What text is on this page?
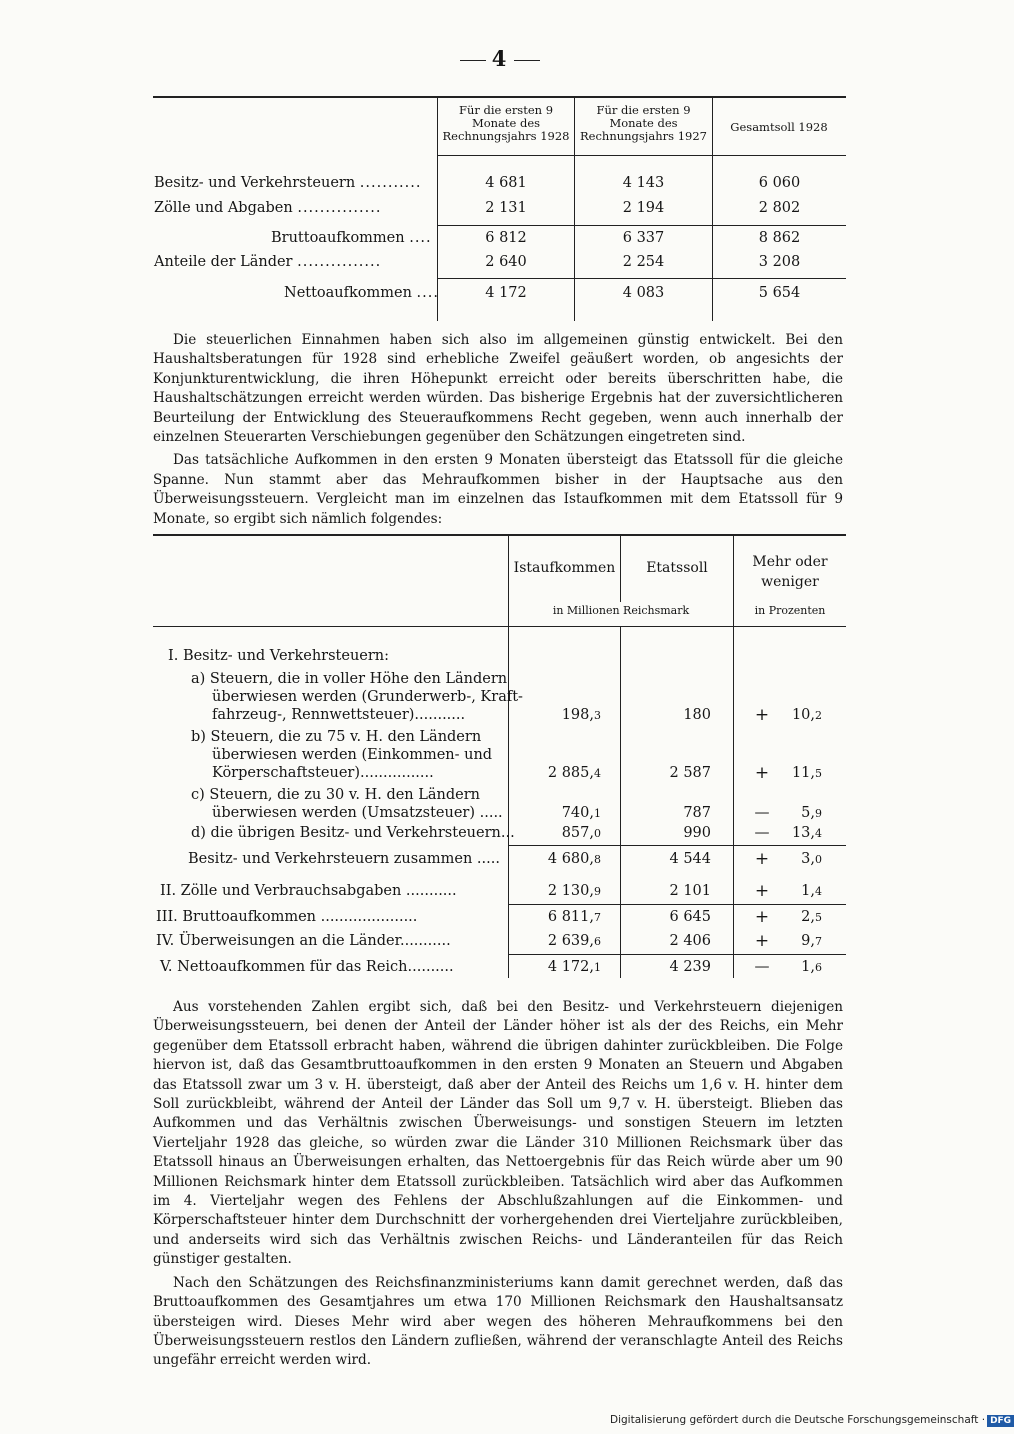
4
Für die ersten 9 Monate des Rechnungsjahrs 1928
Für die ersten 9 Monate des Rechnungsjahrs 1927
Gesamtsoll 1928
Besitz- und Verkehrsteuern ...........	4 681	4 143	6 060
Zölle und Abgaben ...............	2 131	2 194	2 802
Bruttoaufkommen ....	6 812	6 337	8 862
Anteile der Länder ...............	2 640	2 254	3 208
Nettoaufkommen ....	4 172	4 083	5 654

Die steuerlichen Einnahmen haben sich also im allgemeinen günstig entwickelt. Bei den Haushaltsberatungen für 1928 sind erhebliche Zweifel geäußert worden, ob angesichts der Konjunkturentwicklung, die ihren Höhepunkt erreicht oder bereits überschritten habe, die Haushaltschätzungen erreicht werden würden. Das bisherige Ergebnis hat der zuversichtlicheren Beurteilung der Entwicklung des Steueraufkommens Recht gegeben, wenn auch innerhalb der einzelnen Steuerarten Verschiebungen gegenüber den Schätzungen eingetreten sind.

Das tatsächliche Aufkommen in den ersten 9 Monaten übersteigt das Etatssoll für die gleiche Spanne. Nun stammt aber das Mehraufkommen bisher in der Hauptsache aus den Überweisungssteuern. Vergleicht man im einzelnen das Istaufkommen mit dem Etatssoll für 9 Monate, so ergibt sich nämlich folgendes:

Istaufkommen	Etatssoll	Mehr oder weniger
in Millionen Reichsmark	in Prozenten
I. Besitz- und Verkehrsteuern:
a) Steuern, die in voller Höhe den Ländern
überwiesen werden (Grunderwerb-, Kraft-
fahrzeug-, Rennwettsteuer)...........	198,3	180	+	10,2
b) Steuern, die zu 75 v. H. den Ländern
überwiesen werden (Einkommen- und
Körperschaftsteuer)................	2 885,4	2 587	+	11,5
c) Steuern, die zu 30 v. H. den Ländern
überwiesen werden (Umsatzsteuer) .....	740,1	787	—	5,9
d) die übrigen Besitz- und Verkehrsteuern...	857,0	990	—	13,4
Besitz- und Verkehrsteuern zusammen .....	4 680,8	4 544	+	3,0
II. Zölle und Verbrauchsabgaben ...........	2 130,9	2 101	+	1,4
III. Bruttoaufkommen .....................	6 811,7	6 645	+	2,5
IV. Überweisungen an die Länder...........	2 639,6	2 406	+	9,7
V. Nettoaufkommen für das Reich..........	4 172,1	4 239	—	1,6

Aus vorstehenden Zahlen ergibt sich, daß bei den Besitz- und Verkehrsteuern diejenigen Überweisungssteuern, bei denen der Anteil der Länder höher ist als der des Reichs, ein Mehr gegenüber dem Etatssoll erbracht haben, während die übrigen dahinter zurückbleiben. Die Folge hiervon ist, daß das Gesamtbruttoaufkommen in den ersten 9 Monaten an Steuern und Abgaben das Etatssoll zwar um 3 v. H. übersteigt, daß aber der Anteil des Reichs um 1,6 v. H. hinter dem Soll zurückbleibt, während der Anteil der Länder das Soll um 9,7 v. H. übersteigt. Blieben das Aufkommen und das Verhältnis zwischen Überweisungs- und sonstigen Steuern im letzten Vierteljahr 1928 das gleiche, so würden zwar die Länder 310 Millionen Reichsmark über das Etatssoll hinaus an Überweisungen erhalten, das Nettoergebnis für das Reich würde aber um 90 Millionen Reichsmark hinter dem Etatssoll zurückbleiben. Tatsächlich wird aber das Aufkommen im 4. Vierteljahr wegen des Fehlens der Abschlußzahlungen auf die Einkommen- und Körperschaftsteuer hinter dem Durchschnitt der vorhergehenden drei Vierteljahre zurückbleiben, und anderseits wird sich das Verhältnis zwischen Reichs- und Länderanteilen für das Reich günstiger gestalten.

Nach den Schätzungen des Reichsfinanzministeriums kann damit gerechnet werden, daß das Bruttoaufkommen des Gesamtjahres um etwa 170 Millionen Reichsmark den Haushaltsansatz übersteigen wird. Dieses Mehr wird aber wegen des höheren Mehraufkommens bei den Überweisungssteuern restlos den Ländern zufließen, während der veranschlagte Anteil des Reichs ungefähr erreicht werden wird.

Digitalisierung gefördert durch die Deutsche Forschungsgemeinschaft · DFG
